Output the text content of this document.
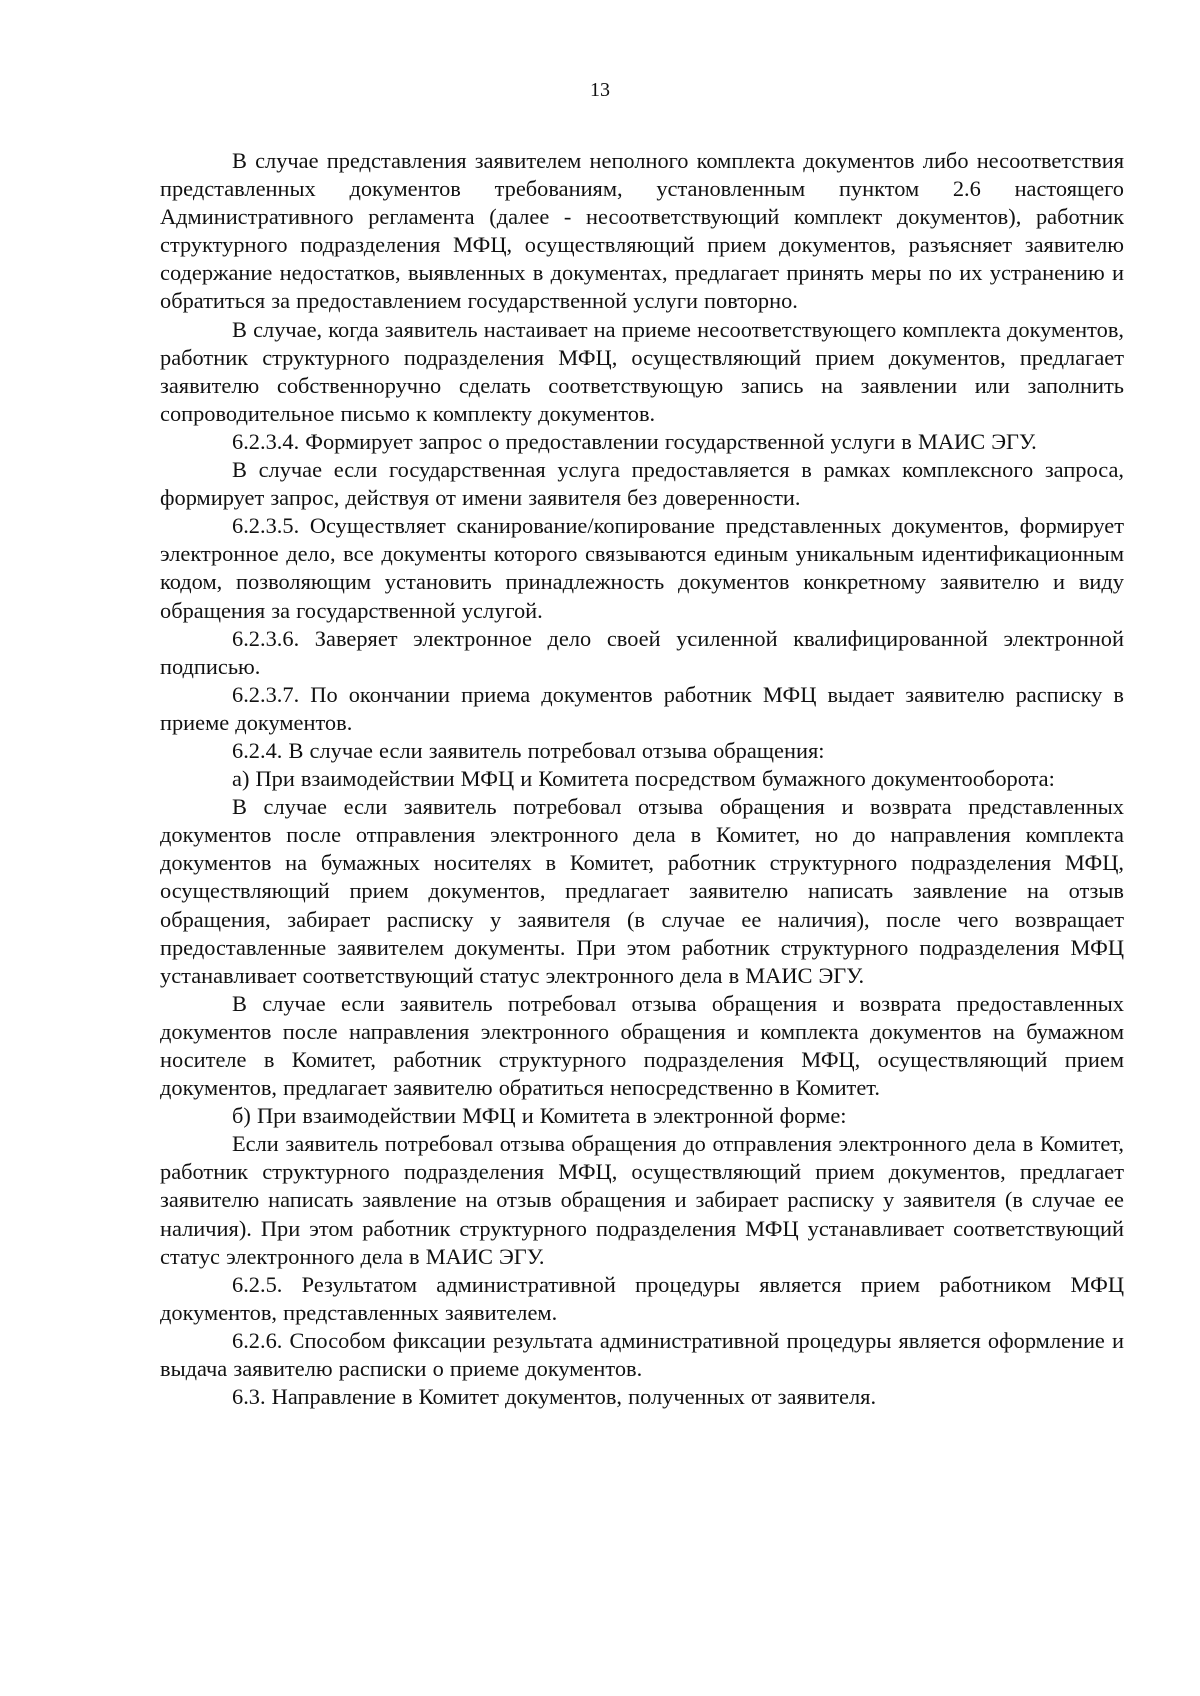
13

В случае представления заявителем неполного комплекта документов либо несоответствия представленных документов требованиям, установленным пунктом 2.6 настоящего Административного регламента (далее - несоответствующий комплект документов), работник структурного подразделения МФЦ, осуществляющий прием документов, разъясняет заявителю содержание недостатков, выявленных в документах, предлагает принять меры по их устранению и обратиться за предоставлением государственной услуги повторно.

В случае, когда заявитель настаивает на приеме несоответствующего комплекта документов, работник структурного подразделения МФЦ, осуществляющий прием документов, предлагает заявителю собственноручно сделать соответствующую запись на заявлении или заполнить сопроводительное письмо к комплекту документов.

6.2.3.4. Формирует запрос о предоставлении государственной услуги в МАИС ЭГУ.

В случае если государственная услуга предоставляется в рамках комплексного запроса, формирует запрос, действуя от имени заявителя без доверенности.

6.2.3.5. Осуществляет сканирование/копирование представленных документов, формирует электронное дело, все документы которого связываются единым уникальным идентификационным кодом, позволяющим установить принадлежность документов конкретному заявителю и виду обращения за государственной услугой.

6.2.3.6. Заверяет электронное дело своей усиленной квалифицированной электронной подписью.

6.2.3.7. По окончании приема документов работник МФЦ выдает заявителю расписку в приеме документов.

6.2.4. В случае если заявитель потребовал отзыва обращения:

а) При взаимодействии МФЦ и Комитета посредством бумажного документооборота:

В случае если заявитель потребовал отзыва обращения и возврата представленных документов после отправления электронного дела в Комитет, но до направления комплекта документов на бумажных носителях в Комитет, работник структурного подразделения МФЦ, осуществляющий прием документов, предлагает заявителю написать заявление на отзыв обращения, забирает расписку у заявителя (в случае ее наличия), после чего возвращает предоставленные заявителем документы. При этом работник структурного подразделения МФЦ устанавливает соответствующий статус электронного дела в МАИС ЭГУ.

В случае если заявитель потребовал отзыва обращения и возврата предоставленных документов после направления электронного обращения и комплекта документов на бумажном носителе в Комитет, работник структурного подразделения МФЦ, осуществляющий прием документов, предлагает заявителю обратиться непосредственно в Комитет.

б) При взаимодействии МФЦ и Комитета в электронной форме:

Если заявитель потребовал отзыва обращения до отправления электронного дела в Комитет, работник структурного подразделения МФЦ, осуществляющий прием документов, предлагает заявителю написать заявление на отзыв обращения и забирает расписку у заявителя (в случае ее наличия). При этом работник структурного подразделения МФЦ устанавливает соответствующий статус электронного дела в МАИС ЭГУ.

6.2.5. Результатом административной процедуры является прием работником МФЦ документов, представленных заявителем.

6.2.6. Способом фиксации результата административной процедуры является оформление и выдача заявителю расписки о приеме документов.

6.3. Направление в Комитет документов, полученных от заявителя.
